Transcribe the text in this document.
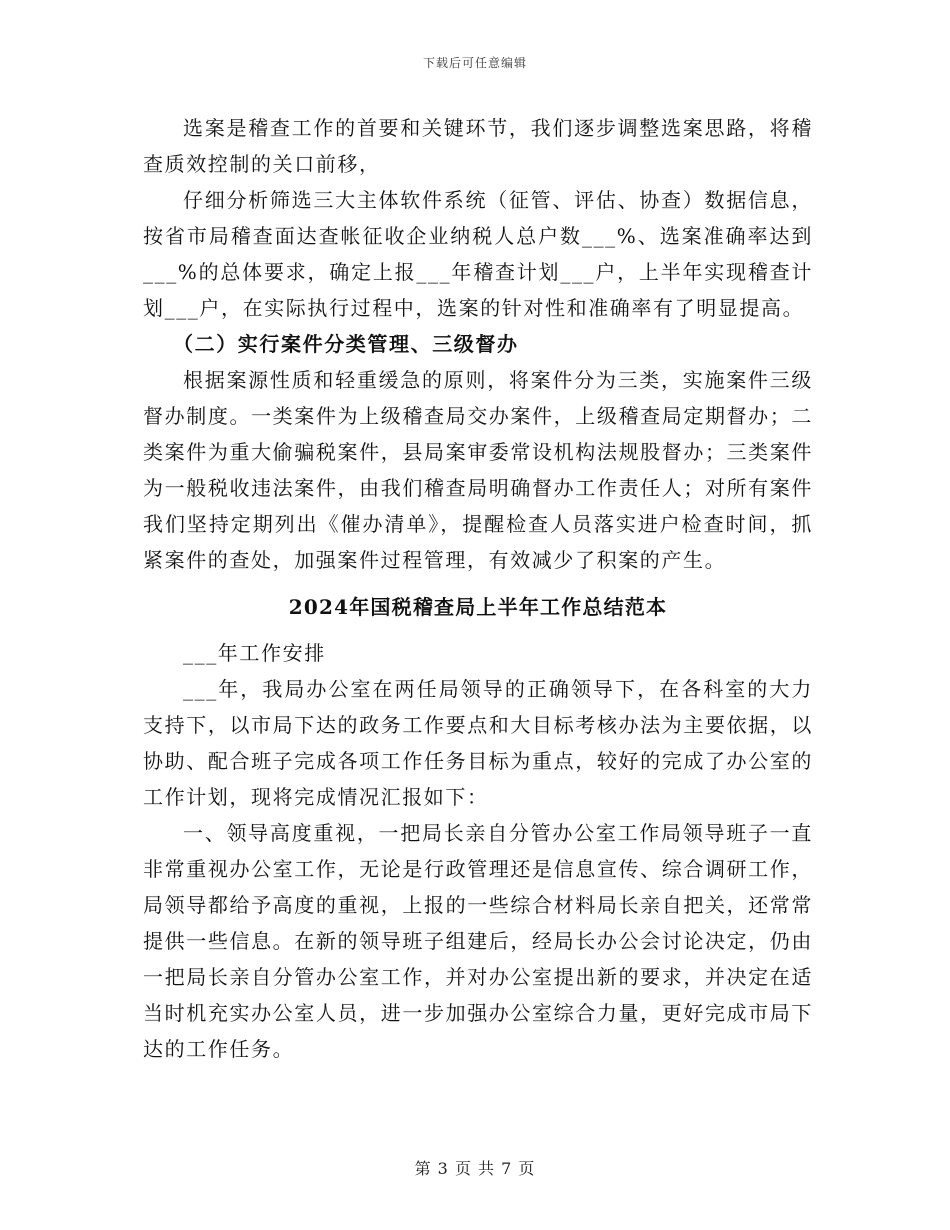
下载后可任意编辑

选案是稽查工作的首要和关键环节，我们逐步调整选案思路，将稽查质效控制的关口前移，

仔细分析筛选三大主体软件系统（征管、评估、协查）数据信息，按省市局稽查面达查帐征收企业纳税人总户数___%、选案准确率达到___%的总体要求，确定上报___年稽查计划___户，上半年实现稽查计划___户，在实际执行过程中，选案的针对性和准确率有了明显提高。

（二）实行案件分类管理、三级督办

根据案源性质和轻重缓急的原则，将案件分为三类，实施案件三级督办制度。一类案件为上级稽查局交办案件，上级稽查局定期督办；二类案件为重大偷骗税案件，县局案审委常设机构法规股督办；三类案件为一般税收违法案件，由我们稽查局明确督办工作责任人；对所有案件我们坚持定期列出《催办清单》，提醒检查人员落实进户检查时间，抓紧案件的查处，加强案件过程管理，有效减少了积案的产生。

2024年国税稽查局上半年工作总结范本

___年工作安排

___年，我局办公室在两任局领导的正确领导下，在各科室的大力支持下，以市局下达的政务工作要点和大目标考核办法为主要依据，以协助、配合班子完成各项工作任务目标为重点，较好的完成了办公室的工作计划，现将完成情况汇报如下：

一、领导高度重视，一把局长亲自分管办公室工作局领导班子一直非常重视办公室工作，无论是行政管理还是信息宣传、综合调研工作，局领导都给予高度的重视，上报的一些综合材料局长亲自把关，还常常提供一些信息。在新的领导班子组建后，经局长办公会讨论决定，仍由一把局长亲自分管办公室工作，并对办公室提出新的要求，并决定在适当时机充实办公室人员，进一步加强办公室综合力量，更好完成市局下达的工作任务。

第 3 页 共 7 页
